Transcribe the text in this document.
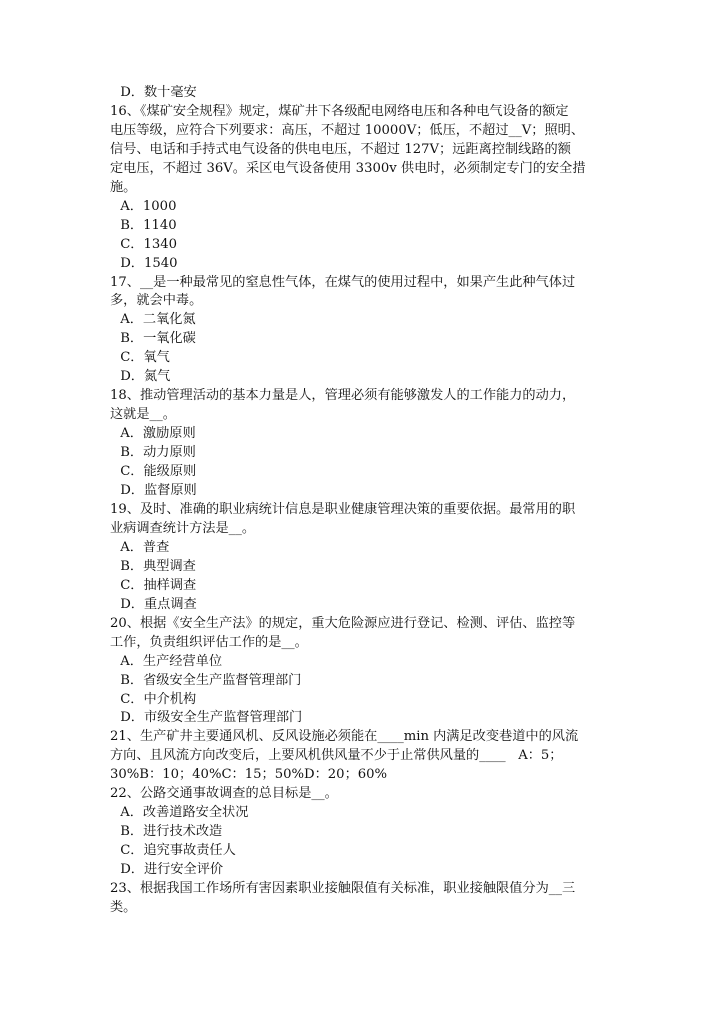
D．数十毫安
16、《煤矿安全规程》规定，煤矿井下各级配电网络电压和各种电气设备的额定
电压等级，应符合下列要求：高压，不超过 10000V；低压，不超过__V；照明、
信号、电话和手持式电气设备的供电电压，不超过 127V；远距离控制线路的额
定电压，不超过 36V。采区电气设备使用 3300v 供电时，必须制定专门的安全措
施。
A．1000
B．1140
C．1340
D．1540
17、__是一种最常见的窒息性气体，在煤气的使用过程中，如果产生此种气体过
多，就会中毒。
A．二氧化氮
B．一氧化碳
C．氧气
D．氮气
18、推动管理活动的基本力量是人，管理必须有能够激发人的工作能力的动力，
这就是__。
A．激励原则
B．动力原则
C．能级原则
D．监督原则
19、及时、准确的职业病统计信息是职业健康管理决策的重要依据。最常用的职
业病调查统计方法是__。
A．普查
B．典型调查
C．抽样调查
D．重点调查
20、根据《安全生产法》的规定，重大危险源应进行登记、检测、评估、监控等
工作，负责组织评估工作的是__。
A．生产经营单位
B．省级安全生产监督管理部门
C．中介机构
D．市级安全生产监督管理部门
21、生产矿井主要通风机、反风设施必须能在____min 内满足改变巷道中的风流
方向、且风流方向改变后，上要风机供风量不少于止常供风量的____   A：5；
30%B：10；40%C：15；50%D：20；60%
22、公路交通事故调查的总目标是__。
A．改善道路安全状况
B．进行技术改造
C．追究事故责任人
D．进行安全评价
23、根据我国工作场所有害因素职业接触限值有关标准，职业接触限值分为__三
类。
